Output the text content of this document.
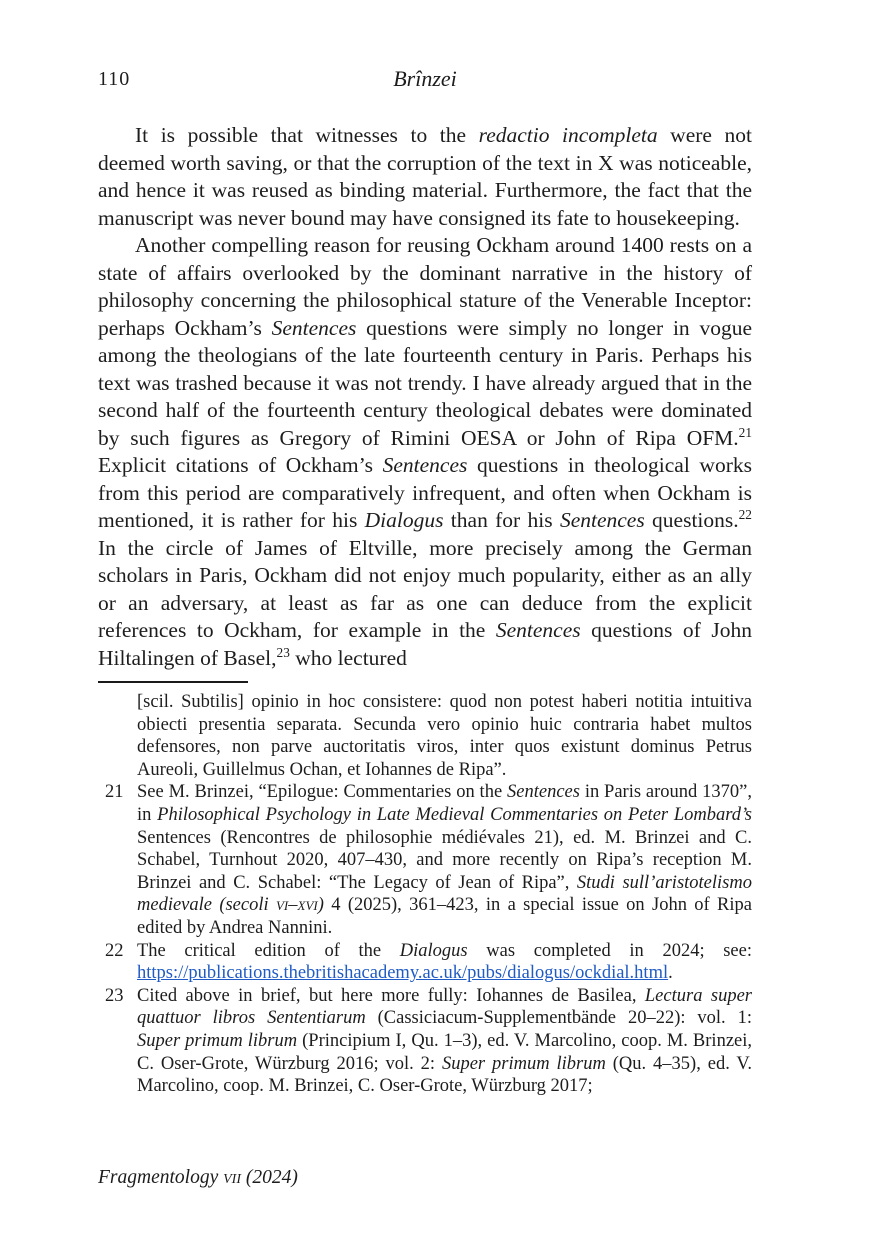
110	Brînzei

It is possible that witnesses to the redactio incompleta were not deemed worth saving, or that the corruption of the text in X was noticeable, and hence it was reused as binding material. Furthermore, the fact that the manuscript was never bound may have consigned its fate to housekeeping.

Another compelling reason for reusing Ockham around 1400 rests on a state of affairs overlooked by the dominant narrative in the history of philosophy concerning the philosophical stature of the Venerable Inceptor: perhaps Ockham’s Sentences questions were simply no longer in vogue among the theologians of the late fourteenth century in Paris. Perhaps his text was trashed because it was not trendy. I have already argued that in the second half of the fourteenth century theological debates were dominated by such figures as Gregory of Rimini OESA or John of Ripa OFM.$^{21}$ Explicit citations of Ockham’s Sentences questions in theological works from this period are comparatively infrequent, and often when Ockham is mentioned, it is rather for his Dialogus than for his Sentences questions.$^{22}$ In the circle of James of Eltville, more precisely among the German scholars in Paris, Ockham did not enjoy much popularity, either as an ally or an adversary, at least as far as one can deduce from the explicit references to Ockham, for example in the Sentences questions of John Hiltalingen of Basel,$^{23}$ who lectured

[scil. Subtilis] opinio in hoc consistere: quod non potest haberi notitia intuitiva obiecti presentia separata. Secunda vero opinio huic contraria habet multos defensores, non parve auctoritatis viros, inter quos existunt dominus Petrus Aureoli, Guillelmus Ochan, et Iohannes de Ripa”.
21 See M. Brinzei, “Epilogue: Commentaries on the Sentences in Paris around 1370”, in Philosophical Psychology in Late Medieval Commentaries on Peter Lombard’s Sentences (Rencontres de philosophie médiévales 21), ed. M. Brinzei and C. Schabel, Turnhout 2020, 407–430, and more recently on Ripa’s reception M. Brinzei and C. Schabel: “The Legacy of Jean of Ripa”, Studi sull’aristotelismo medievale (secoli vi–xvi) 4 (2025), 361–423, in a special issue on John of Ripa edited by Andrea Nannini.
22 The critical edition of the Dialogus was completed in 2024; see: https://publications.thebritishacademy.ac.uk/pubs/dialogus/ockdial.html.
23 Cited above in brief, but here more fully: Iohannes de Basilea, Lectura super quattuor libros Sententiarum (Cassiciacum-Supplementbände 20–22): vol. 1: Super primum librum (Principium I, Qu. 1–3), ed. V. Marcolino, coop. M. Brinzei, C. Oser-Grote, Würzburg 2016; vol. 2: Super primum librum (Qu. 4–35), ed. V. Marcolino, coop. M. Brinzei, C. Oser-Grote, Würzburg 2017;
Fragmentology vii (2024)
